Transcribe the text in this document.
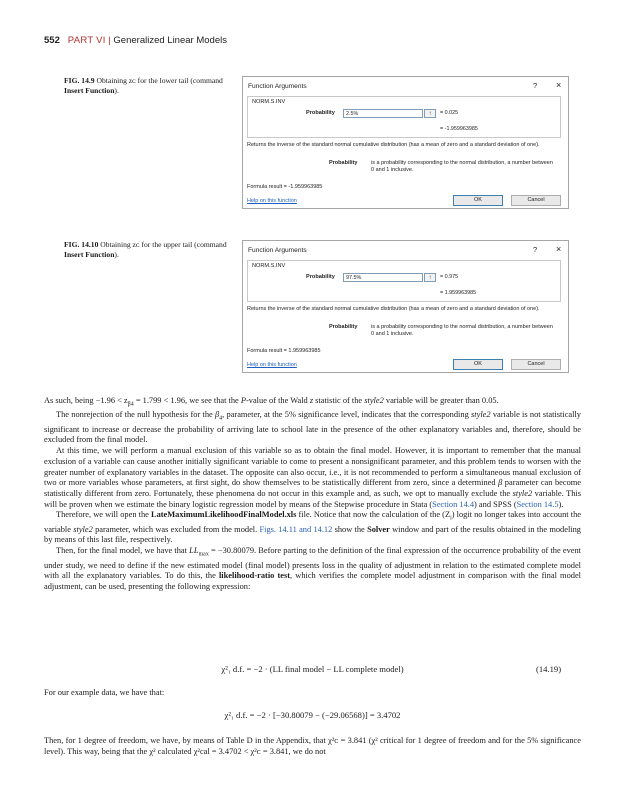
552 PART VI | Generalized Linear Models
FIG. 14.9 Obtaining zᴄ for the lower tail (command Insert Function).	Function Arguments	? ×
NORM.S.INV
Probability	2.5%	↑	= 0.025
= -1.959963985
Returns the inverse of the standard normal cumulative distribution (has a mean of zero and a standard deviation of one).
Probability is a probability corresponding to the normal distribution, a number between 0 and 1 inclusive.
Formula result = -1.959963985
Help on this function	OK	Cancel
FIG. 14.10 Obtaining zᴄ for the upper tail (command Insert Function).	Function Arguments	? ×
NORM.S.INV
Probability	97.5%	↑	= 0.975
= 1.959963985
Returns the inverse of the standard normal cumulative distribution (has a mean of zero and a standard deviation of one).
Probability is a probability corresponding to the normal distribution, a number between 0 and 1 inclusive.
Formula result = 1.959963985
Help on this function	OK	Cancel

As such, being $-1.96 < z_{\beta 4} = 1.799 < 1.96$, we see that the P-value of the Wald z statistic of the style2 variable will be greater than 0.05.

The nonrejection of the null hypothesis for the $\beta_4$, parameter, at the 5% significance level, indicates that the corresponding style2 variable is not statistically significant to increase or decrease the probability of arriving late to school late in the presence of the other explanatory variables and, therefore, should be excluded from the final model.

At this time, we will perform a manual exclusion of this variable so as to obtain the final model. However, it is important to remember that the manual exclusion of a variable can cause another initially significant variable to come to present a nonsignificant parameter, and this problem tends to worsen with the greater number of explanatory variables in the dataset. The opposite can also occur, i.e., it is not recommended to perform a simultaneous manual exclusion of two or more variables whose parameters, at first sight, do show themselves to be statistically different from zero, since a determined β parameter can become statistically different from zero. Fortunately, these phenomena do not occur in this example and, as such, we opt to manually exclude the style2 variable. This will be proven when we estimate the binary logistic regression model by means of the Stepwise procedure in Stata (Section 14.4) and SPSS (Section 14.5).

Therefore, we will open the LateMaximumLikelihoodFinalModel.xls file. Notice that now the calculation of the $(Z_i)$ logit no longer takes into account the variable style2 parameter, which was excluded from the model. Figs. 14.11 and 14.12 show the Solver window and part of the results obtained in the modeling by means of this last file, respectively.

Then, for the final model, we have that $LL_{max} = -30.80079$. Before parting to the definition of the final expression of the occurrence probability of the event under study, we need to define if the new estimated model (final model) presents loss in the quality of adjustment in relation to the estimated complete model with all the explanatory variables. To do this, the likelihood-ratio test, which verifies the complete model adjustment in comparison with the final model adjustment, can be used, presenting the following expression:

χ²₁ d.f. = −2 · (LL final model − LL complete model)	(14.19)

For our example data, we have that:

χ²₁ d.f. = −2 · [−30.80079 − (−29.06568)] = 3.4702

Then, for 1 degree of freedom, we have, by means of Table D in the Appendix, that χ²ᴄ = 3.841 (χ² critical for 1 degree of freedom and for the 5% significance level). This way, being that the χ² calculated χ²cal = 3.4702 < χ²ᴄ = 3.841, we do not
